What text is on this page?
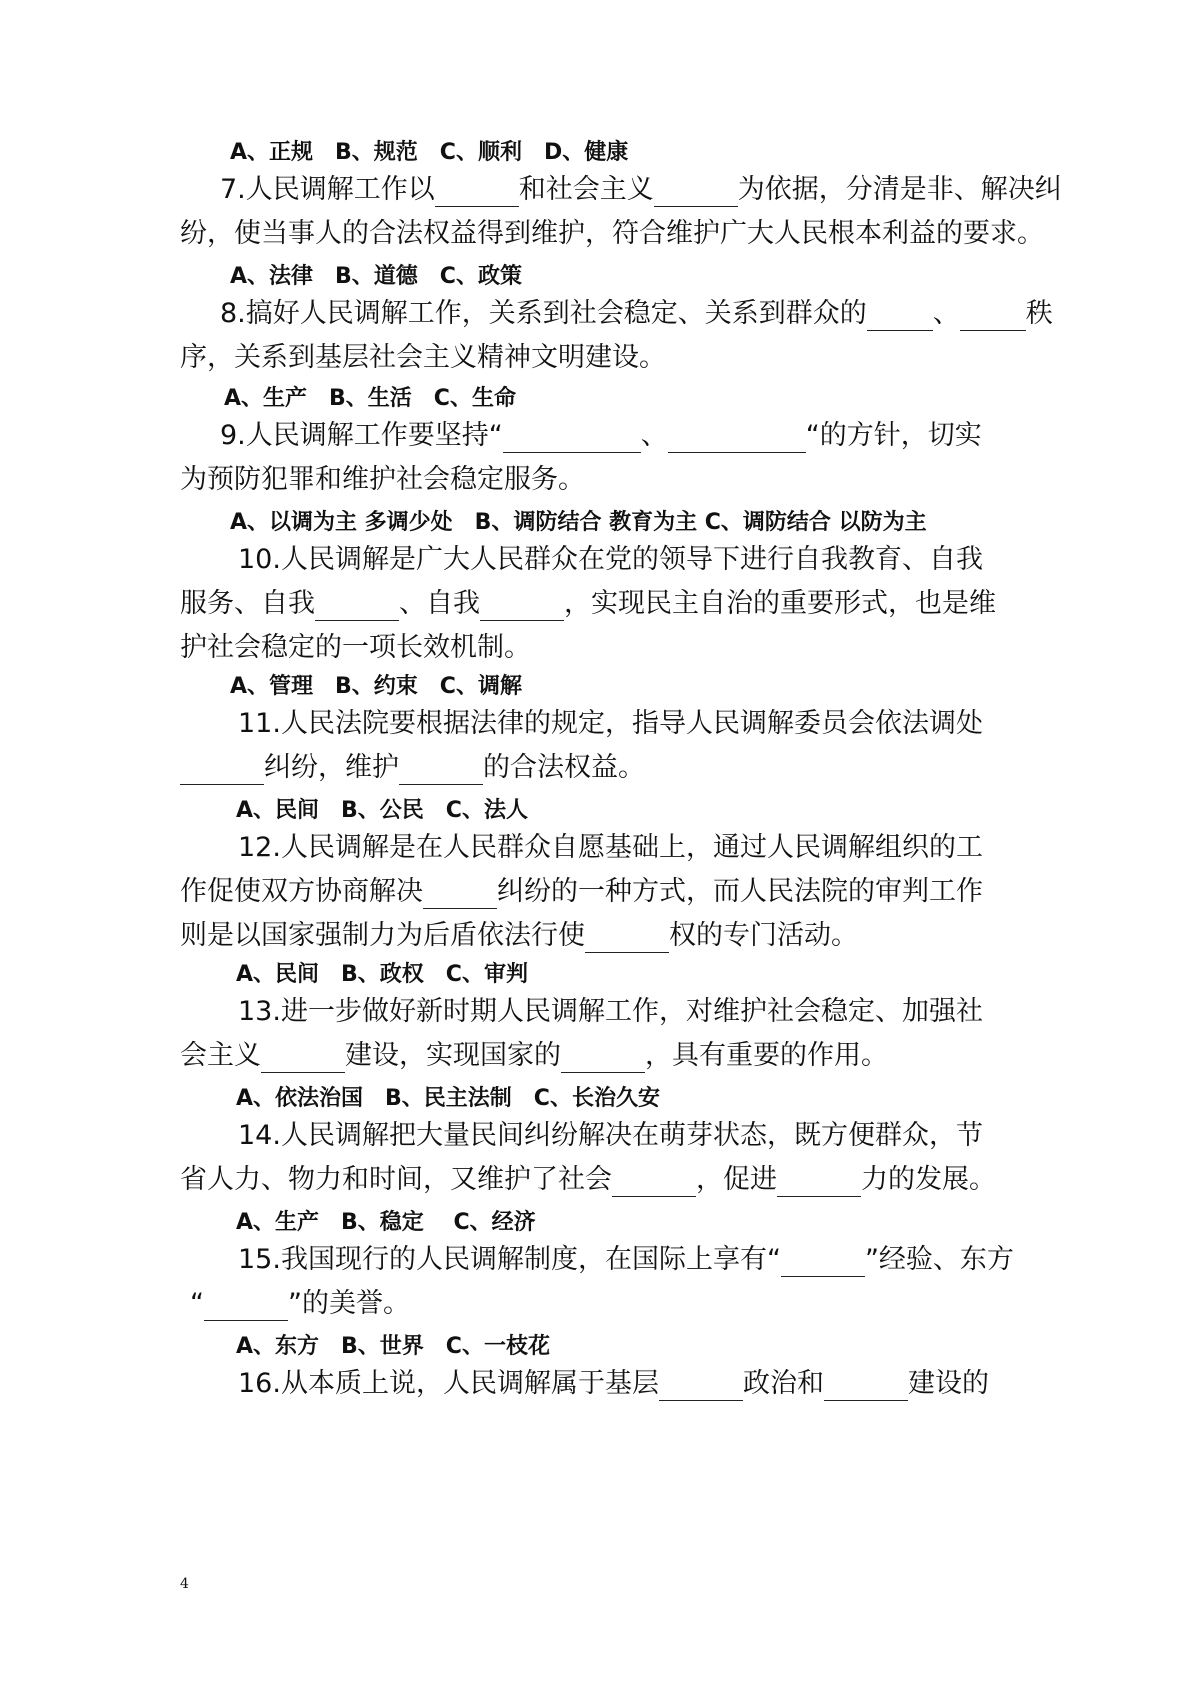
A、正规　B、规范　C、顺利　D、健康
7.人民调解工作以	和社会主义	为依据，分清是非、解决纠
纷，使当事人的合法权益得到维护，符合维护广大人民根本利益的要求。
A、法律　B、道德　C、政策
8.搞好人民调解工作，关系到社会稳定、关系到群众的 、 秩
序，关系到基层社会主义精神文明建设。
A、生产　B、生活　C、生命
9.人民调解工作要坚持“	、	“的方针，切实
为预防犯罪和维护社会稳定服务。
A、以调为主 多调少处　B、调防结合 教育为主 C、调防结合 以防为主
10.人民调解是广大人民群众在党的领导下进行自我教育、自我
服务、自我	、自我	，实现民主自治的重要形式，也是维
护社会稳定的一项长效机制。
A、管理　B、约束　C、调解
11.人民法院要根据法律的规定，指导人民调解委员会依法调处
纠纷，维护	的合法权益。
A、民间　B、公民　C、法人
12.人民调解是在人民群众自愿基础上，通过人民调解组织的工
作促使双方协商解决	纠纷的一种方式，而人民法院的审判工作
则是以国家强制力为后盾依法行使	权的专门活动。
A、民间　B、政权　C、审判
13.进一步做好新时期人民调解工作，对维护社会稳定、加强社
会主义	建设，实现国家的	，具有重要的作用。
A、依法治国　B、民主法制　C、长治久安
14.人民调解把大量民间纠纷解决在萌芽状态，既方便群众，节
省人力、物力和时间，又维护了社会	，促进	力的发展。
A、生产　B、稳定　 C、经济
15.我国现行的人民调解制度，在国际上享有“	”经验、东方
“	”的美誉。
A、东方　B、世界　C、一枝花
16.从本质上说，人民调解属于基层	政治和	建设的
4
